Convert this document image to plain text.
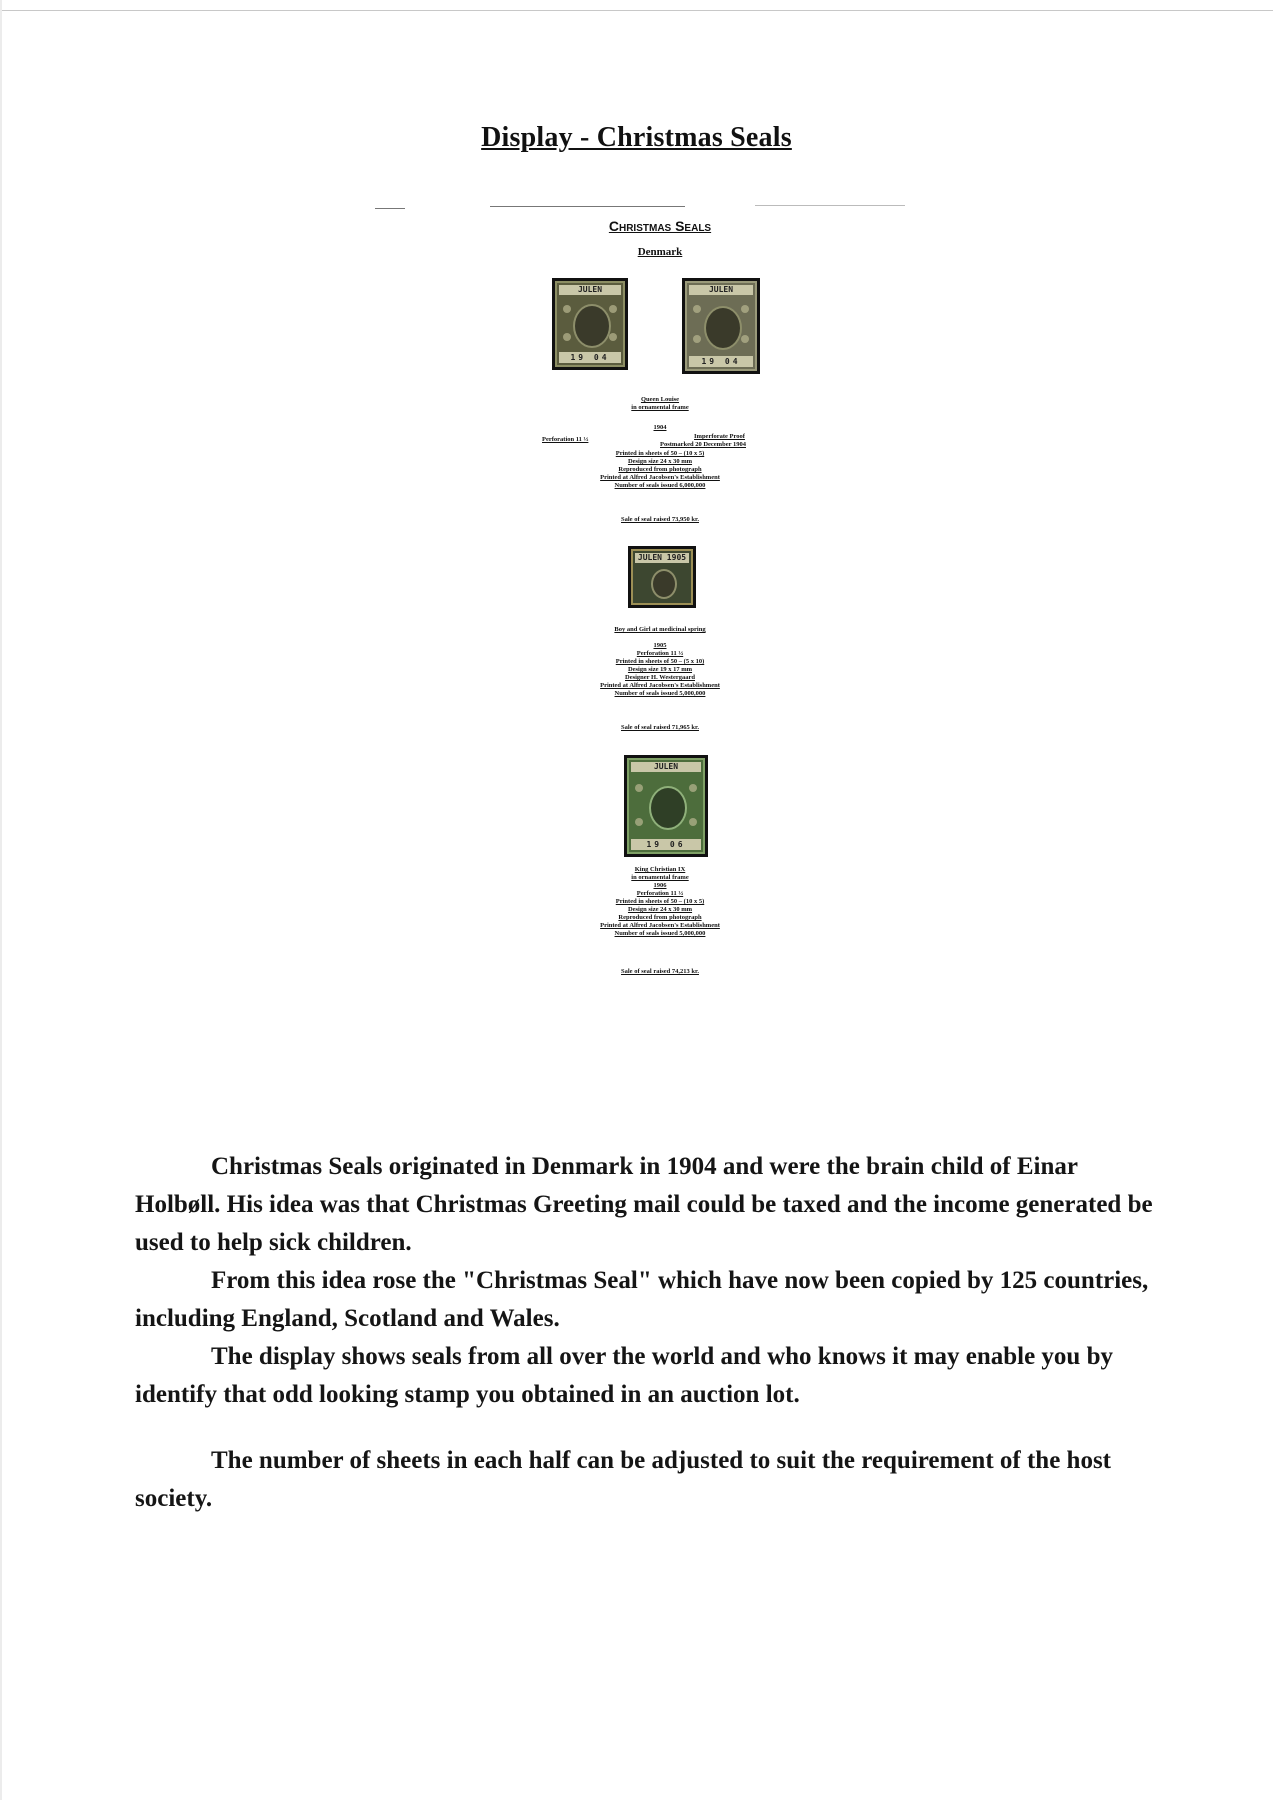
Display - Christmas Seals
Christmas Seals
Denmark
JULEN
19 04
JULEN
19 04
Queen Louise
in ornamental frame
1904
Perforation 11 ½	Imperforate Proof
Postmarked 20 December 1904
Printed in sheets of 50 – (10 x 5)
Design size 24 x 30 mm
Reproduced from photograph
Printed at Alfred Jacobsen's Establishment
Number of seals issued 6,000,000
Sale of seal raised 73,950 kr.
JULEN 1905
Boy and Girl at medicinal spring
1905
Perforation 11 ½
Printed in sheets of 50 – (5 x 10)
Design size 19 x 17 mm
Designer H. Westergaard
Printed at Alfred Jacobsen's Establishment
Number of seals issued 5,000,000
Sale of seal raised 71,965 kr.
JULEN
19 06
King Christian IX
in ornamental frame
1906
Perforation 11 ½
Printed in sheets of 50 – (10 x 5)
Design size 24 x 30 mm
Reproduced from photograph
Printed at Alfred Jacobsen's Establishment
Number of seals issued 5,000,000
Sale of seal raised 74,213 kr.

Christmas Seals originated in Denmark in 1904 and were the brain child of Einar Holbøll. His idea was that Christmas Greeting mail could be taxed and the income generated be used to help sick children.

From this idea rose the "Christmas Seal" which have now been copied by 125 countries, including England, Scotland and Wales.

The display shows seals from all over the world and who knows it may enable you by identify that odd looking stamp you obtained in an auction lot.

The number of sheets in each half can be adjusted to suit the requirement of the host society.
